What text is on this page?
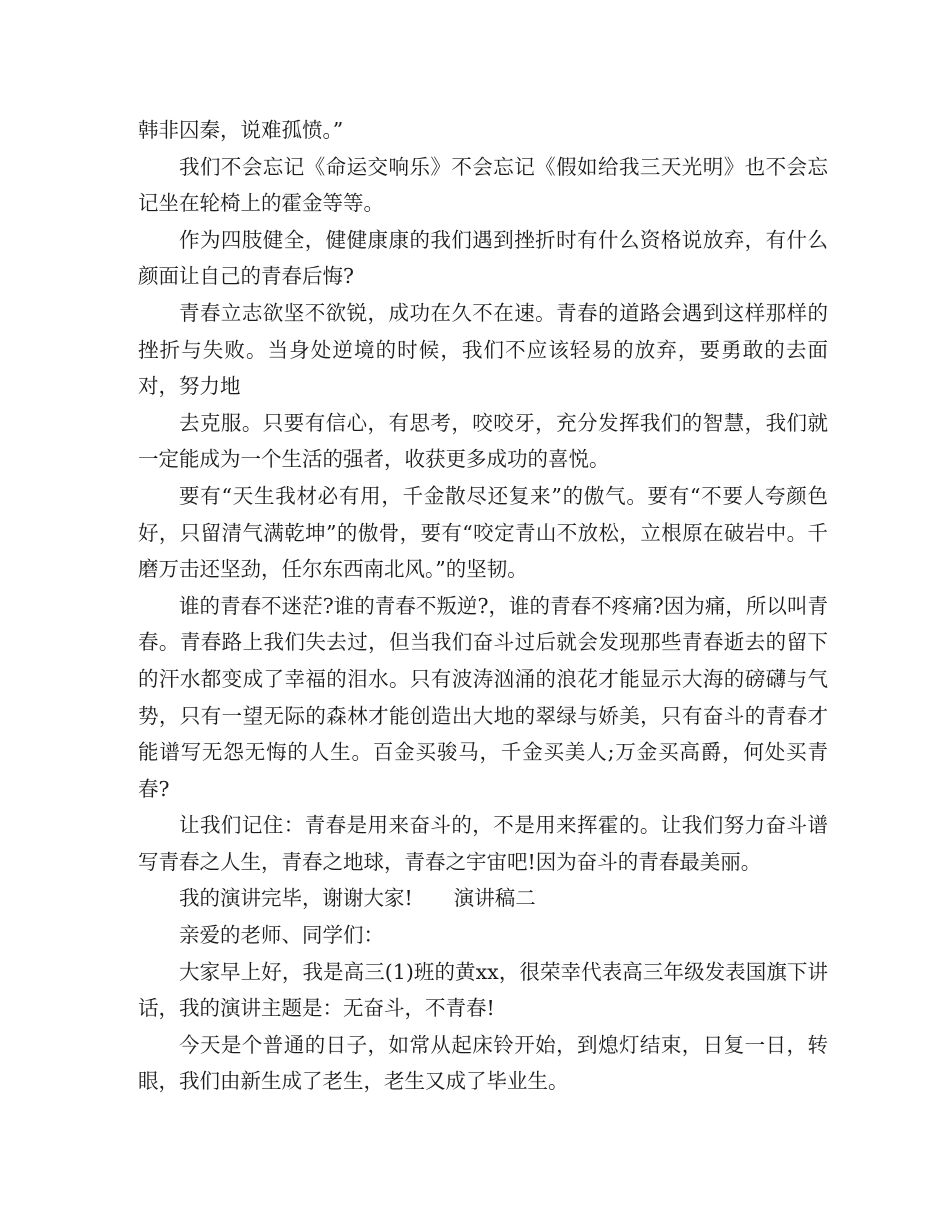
韩非囚秦，说难孤愤。”

我们不会忘记《命运交响乐》不会忘记《假如给我三天光明》也不会忘记坐在轮椅上的霍金等等。

作为四肢健全，健健康康的我们遇到挫折时有什么资格说放弃，有什么颜面让自己的青春后悔?

青春立志欲坚不欲锐，成功在久不在速。青春的道路会遇到这样那样的挫折与失败。当身处逆境的时候，我们不应该轻易的放弃，要勇敢的去面对，努力地

去克服。只要有信心，有思考，咬咬牙，充分发挥我们的智慧，我们就一定能成为一个生活的强者，收获更多成功的喜悦。

要有“天生我材必有用，千金散尽还复来”的傲气。要有“不要人夸颜色好，只留清气满乾坤”的傲骨，要有“咬定青山不放松，立根原在破岩中。千磨万击还坚劲，任尔东西南北风。”的坚韧。

谁的青春不迷茫?谁的青春不叛逆?，谁的青春不疼痛?因为痛，所以叫青春。青春路上我们失去过，但当我们奋斗过后就会发现那些青春逝去的留下的汗水都变成了幸福的泪水。只有波涛汹涌的浪花才能显示大海的磅礴与气势，只有一望无际的森林才能创造出大地的翠绿与娇美，只有奋斗的青春才能谱写无怨无悔的人生。百金买骏马，千金买美人;万金买高爵，何处买青春?

让我们记住：青春是用来奋斗的，不是用来挥霍的。让我们努力奋斗谱写青春之人生，青春之地球，青春之宇宙吧!因为奋斗的青春最美丽。

我的演讲完毕，谢谢大家!　　演讲稿二

亲爱的老师、同学们：

大家早上好，我是高三(1)班的黄xx，很荣幸代表高三年级发表国旗下讲话，我的演讲主题是：无奋斗，不青春!

今天是个普通的日子，如常从起床铃开始，到熄灯结束，日复一日，转眼，我们由新生成了老生，老生又成了毕业生。
